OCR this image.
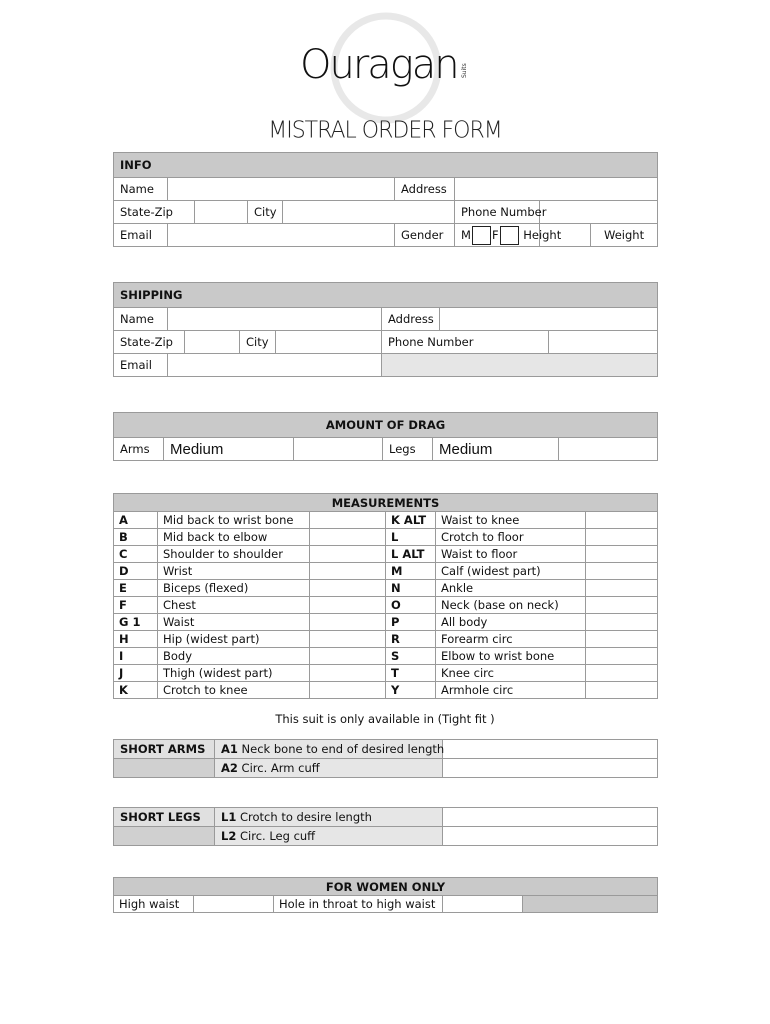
Ouragan Suits
MISTRAL ORDER FORM
INFO								
Name					Address			
State-Zip			City			Phone Number		
Email					Gender	M F Height		Weight
SHIPPING							
Name					Address		
State-Zip			City		Phone Number		
Email							
AMOUNT OF DRAG
Arms	Medium		Legs	Medium	
MEASUREMENTS					
A	Mid back to wrist bone		K ALT	Waist to knee	
B	Mid back to elbow		L	Crotch to floor	
C	Shoulder to shoulder		L ALT	Waist to floor	
D	Wrist		M	Calf (widest part)	
E	Biceps (flexed)		N	Ankle	
F	Chest		O	Neck (base on neck)	
G 1	Waist		P	All body	
H	Hip (widest part)		R	Forearm circ	
I	Body		S	Elbow to wrist bone	
J	Thigh (widest part)		T	Knee circ	
K	Crotch to knee		Y	Armhole circ	
This suit is only available in (Tight fit )
SHORT ARMS	A1 Neck bone to end of desired length	
	A2 Circ. Arm cuff	
SHORT LEGS	L1 Crotch to desire length	
	L2 Circ. Leg cuff	
FOR WOMEN ONLY
High waist		Hole in throat to high waist		
